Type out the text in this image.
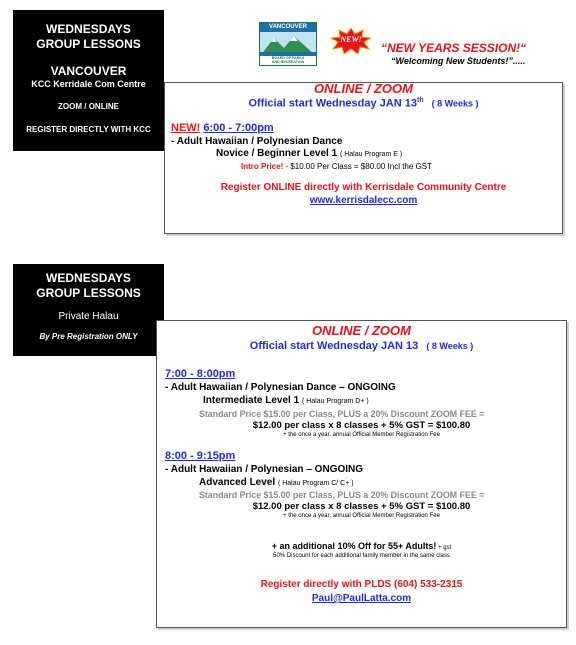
WEDNESDAYS
GROUP LESSONS
VANCOUVER
KCC Kerridale Com Centre
ZOOM / ONLINE
REGISTER DIRECTLY WITH KCC
VANCOUVER
BOARD OF PARKS
AND RECREATION
NEW!
“NEW YEARS SESSION!“
“Welcoming New Students!”.....
ONLINE / ZOOM
Official start Wednesday JAN 13th ( 8 Weeks )
NEW! 6:00 - 7:00pm
- Adult Hawaiian / Polynesian Dance
Novice / Beginner Level 1 ( Halau Program E )
Intro Price! - $10.00 Per Class = $80.00 Incl the GST
Register ONLINE directly with Kerrisdale Community Centre
www.kerrisdalecc.com
WEDNESDAYS
GROUP LESSONS
Private Halau
By Pre Registration ONLY	ONLINE / ZOOM
Official start Wednesday JAN 13 ( 8 Weeks )
7:00 - 8:00pm
- Adult Hawaiian / Polynesian Dance – ONGOING
Intermediate Level 1 ( Halau Program D+ )
Standard Price $15.00 per Class, PLUS a 20% Discount ZOOM FEE =
$12.00 per class x 8 classes + 5% GST = $100.80
+ the once a year, annual Official Member Registration Fee
8:00 - 9:15pm
- Adult Hawaiian / Polynesian – ONGOING
Advanced Level ( Halau Program C/ C+ )
Standard Price $15.00 per Class, PLUS a 20% Discount ZOOM FEE =
$12.00 per class x 8 classes + 5% GST = $100.80
+ the once a year, annual Official Member Registration Fee
+ an additional 10% Off for 55+ Adults! + gst
50% Discount for each additional family member in the same class
Register directly with PLDS (604) 533-2315
Paul@PaulLatta.com
